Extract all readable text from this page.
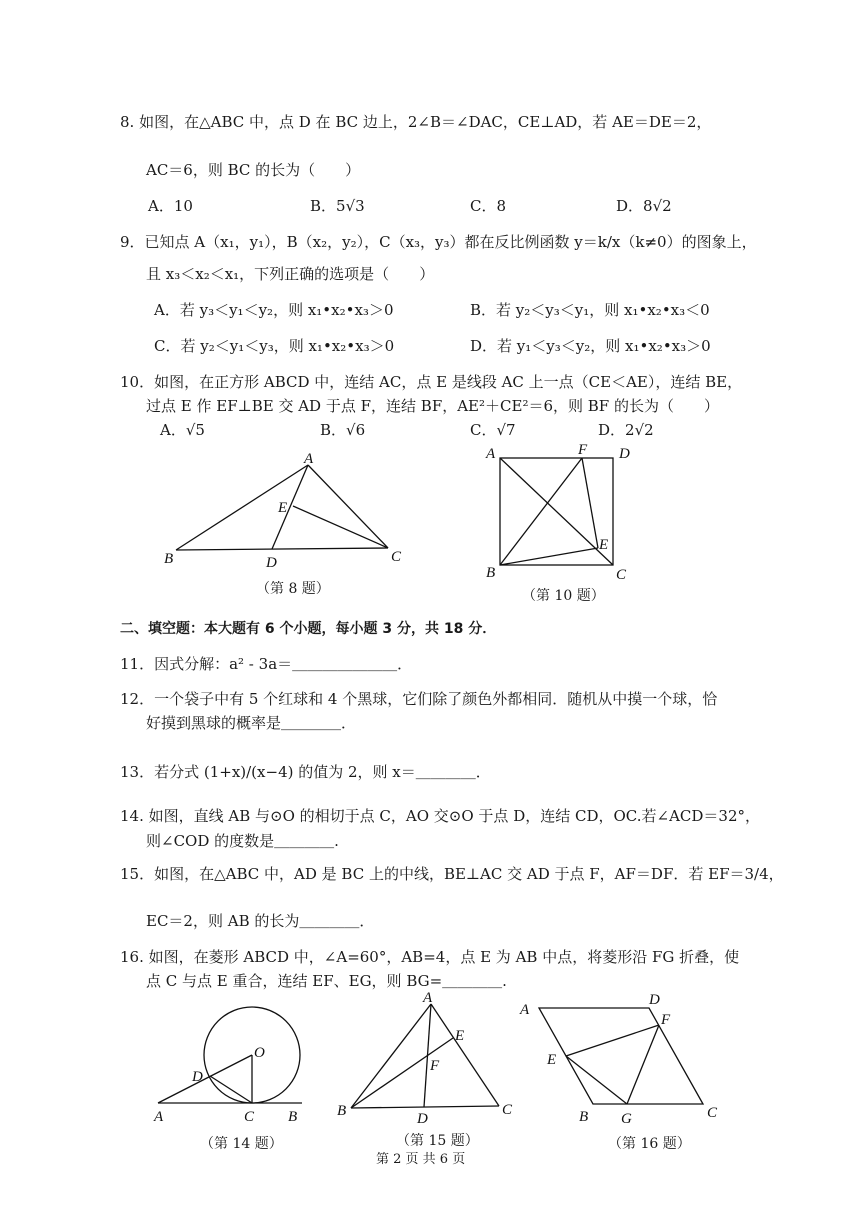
8. 如图，在△ABC 中，点 D 在 BC 边上，2∠B＝∠DAC，CE⊥AD，若 AE＝DE＝2，
AC＝6，则 BC 的长为（　　）
A．10	B．5√3	C．8	D．8√2
9．已知点 A（x₁，y₁），B（x₂，y₂），C（x₃，y₃）都在反比例函数 y＝k/x（k≠0）的图象上，
且 x₃＜x₂＜x₁，下列正确的选项是（　　）
A．若 y₃＜y₁＜y₂，则 x₁•x₂•x₃＞0	B．若 y₂＜y₃＜y₁，则 x₁•x₂•x₃＜0
C．若 y₂＜y₁＜y₃，则 x₁•x₂•x₃＞0	D．若 y₁＜y₃＜y₂，则 x₁•x₂•x₃＞0
10．如图，在正方形 ABCD 中，连结 AC，点 E 是线段 AC 上一点（CE＜AE），连结 BE，
过点 E 作 EF⊥BE 交 AD 于点 F，连结 BF，AE²＋CE²＝6，则 BF 的长为（　　）
A．√5	B．√6	C．√7	D．2√2
A
E
B	D	C
（第 8 题）
A	F D
E
B	C
（第 10 题）
二、填空题：本大题有 6 个小题，每小题 3 分，共 18 分．
11．因式分解：a² - 3a＝＿＿＿＿＿＿＿．
12．一个袋子中有 5 个红球和 4 个黑球，它们除了颜色外都相同．随机从中摸一个球，恰
好摸到黑球的概率是＿＿＿＿．
13．若分式 (1+x)/(x−4) 的值为 2，则 x＝＿＿＿＿．
14. 如图，直线 AB 与⊙O 的相切于点 C，AO 交⊙O 于点 D，连结 CD，OC.若∠ACD＝32°，
则∠COD 的度数是＿＿＿＿.
15．如图，在△ABC 中，AD 是 BC 上的中线，BE⊥AC 交 AD 于点 F，AF＝DF．若 EF＝3/4，
EC＝2，则 AB 的长为＿＿＿＿．
16. 如图，在菱形 ABCD 中，∠A=60°，AB=4，点 E 为 AB 中点，将菱形沿 FG 折叠，使
点 C 与点 E 重合，连结 EF、EG，则 BG=＿＿＿＿.
O
D
A	C B
（第 14 题）
A
E
F
B	D
C
（第 15 题）
D
A
F
E
B G	C
（第 16 题）
第 2 页 共 6 页
